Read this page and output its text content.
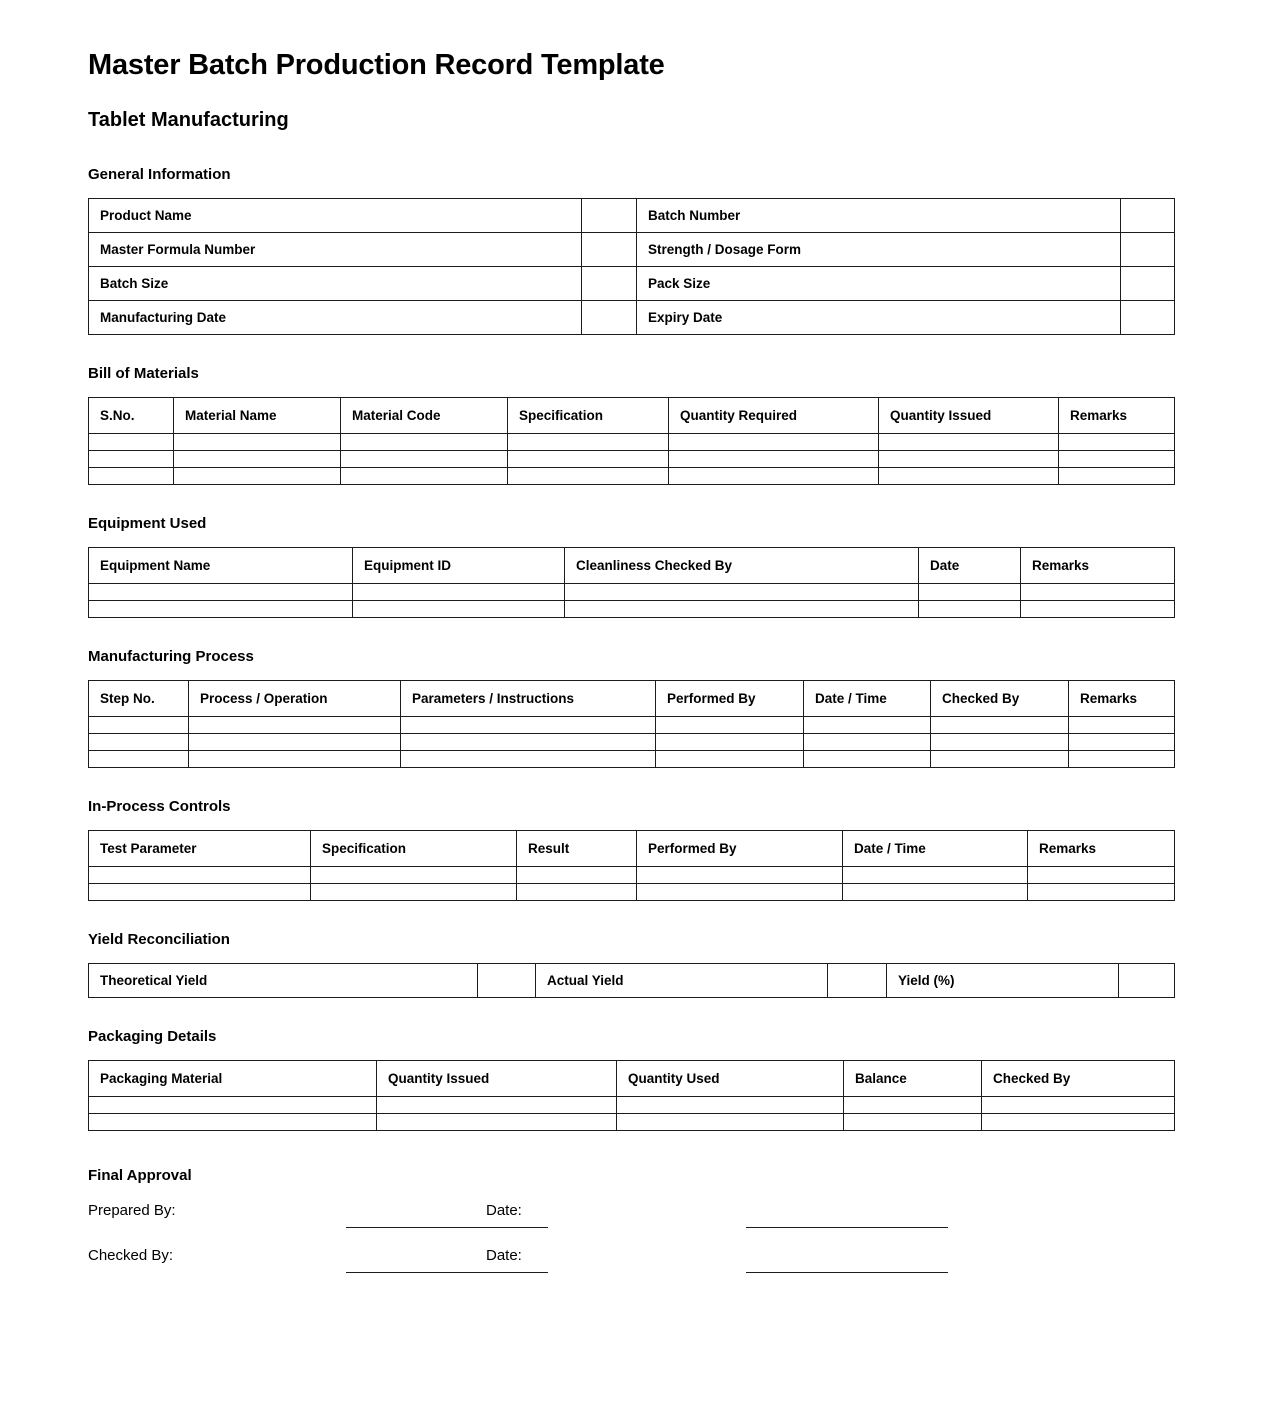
Master Batch Production Record Template
Tablet Manufacturing
General Information
Product Name		Batch Number	
Master Formula Number		Strength / Dosage Form	
Batch Size		Pack Size	
Manufacturing Date		Expiry Date	
Bill of Materials
S.No.	Material Name	Material Code	Specification	Quantity Required	Quantity Issued	Remarks

Equipment Used
Equipment Name	Equipment ID	Cleanliness Checked By	Date	Remarks

Manufacturing Process
Step No.	Process / Operation	Parameters / Instructions	Performed By	Date / Time	Checked By	Remarks

In-Process Controls
Test Parameter	Specification	Result	Performed By	Date / Time	Remarks

Yield Reconciliation
Theoretical Yield		Actual Yield		Yield (%)	
Packaging Details
Packaging Material	Quantity Issued	Quantity Used	Balance	Checked By

Final Approval
Prepared By:	Date:
Checked By:	Date:
